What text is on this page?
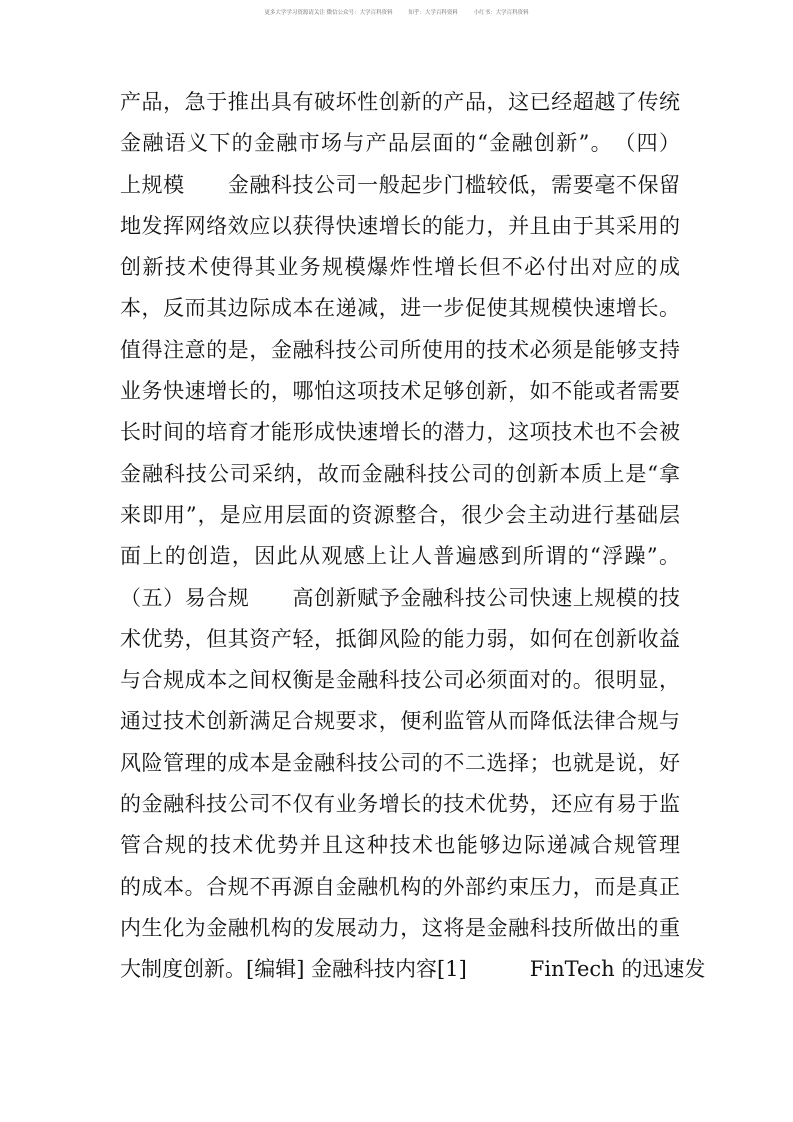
更多大学学习资源请关注 微信公众号：大学百科资料	知乎：大学百科资料	小红书：大学百科资料
产品，急于推出具有破坏性创新的产品，这已经超越了传统
金融语义下的金融市场与产品层面的“金融创新”。　（四）
上规模　　金融科技公司一般起步门槛较低，需要毫不保留
地发挥网络效应以获得快速增长的能力，并且由于其采用的
创新技术使得其业务规模爆炸性增长但不必付出对应的成
本，反而其边际成本在递减，进一步促使其规模快速增长。
值得注意的是，金融科技公司所使用的技术必须是能够支持
业务快速增长的，哪怕这项技术足够创新，如不能或者需要
长时间的培育才能形成快速增长的潜力，这项技术也不会被
金融科技公司采纳，故而金融科技公司的创新本质上是“拿
来即用”，是应用层面的资源整合，很少会主动进行基础层
面上的创造，因此从观感上让人普遍感到所谓的“浮躁”。
（五）易合规　　高创新赋予金融科技公司快速上规模的技
术优势，但其资产轻，抵御风险的能力弱，如何在创新收益
与合规成本之间权衡是金融科技公司必须面对的。很明显，
通过技术创新满足合规要求，便利监管从而降低法律合规与
风险管理的成本是金融科技公司的不二选择；也就是说，好
的金融科技公司不仅有业务增长的技术优势，还应有易于监
管合规的技术优势并且这种技术也能够边际递减合规管理
的成本。合规不再源自金融机构的外部约束压力，而是真正
内生化为金融机构的发展动力，这将是金融科技所做出的重
大制度创新。[编辑] 金融科技内容[1]　　　FinTech 的迅速发
